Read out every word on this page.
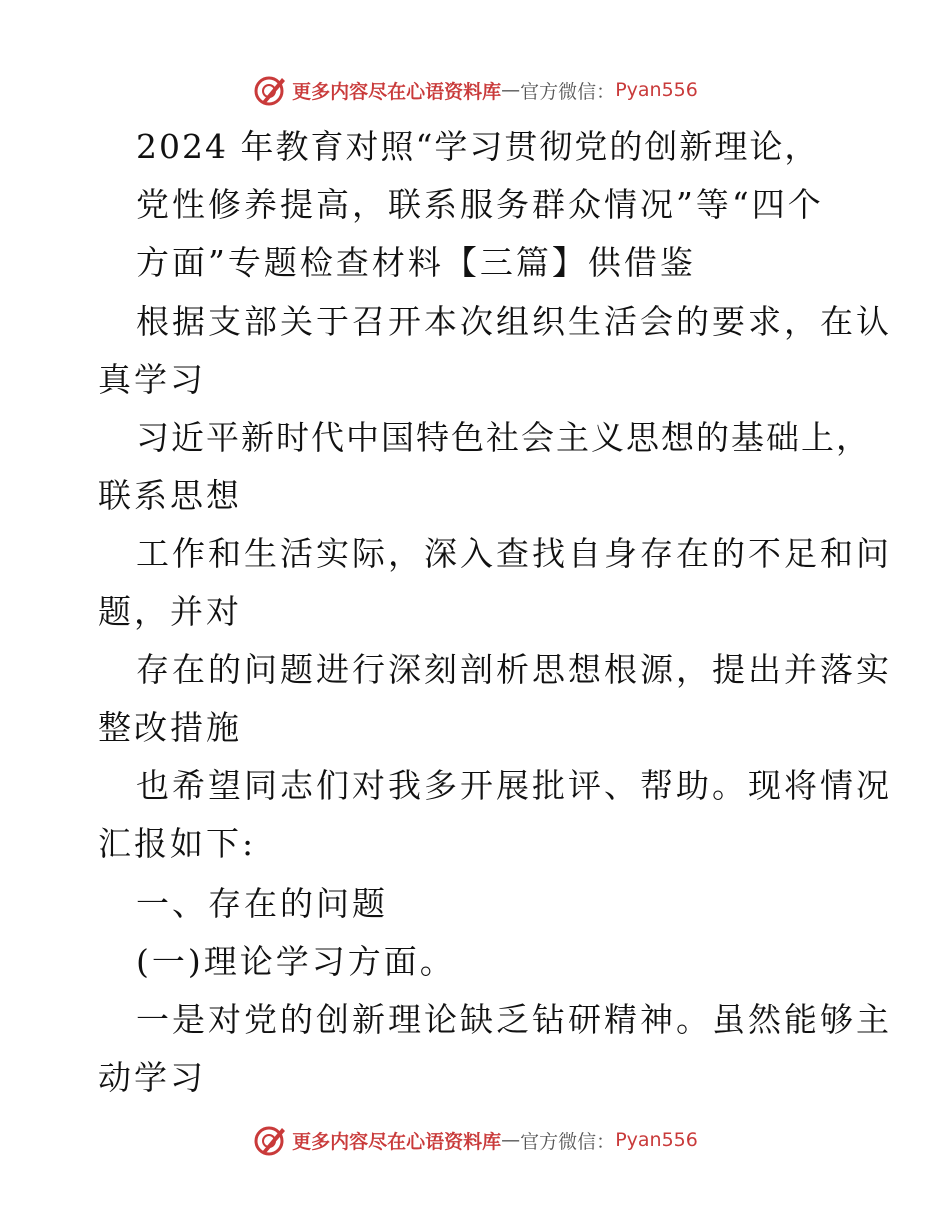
更多内容尽在心语资料库 — 官方微信： Pyan556
2024 年教育对照“学习贯彻党的创新理论，
党性修养提高，联系服务群众情况”等“四个
方面”专题检查材料【三篇】供借鉴
根据支部关于召开本次组织生活会的要求，在认
真学习
习近平新时代中国特色社会主义思想的基础上，
联系思想
工作和生活实际，深入查找自身存在的不足和问
题，并对
存在的问题进行深刻剖析思想根源，提出并落实
整改措施
也希望同志们对我多开展批评、帮助。现将情况
汇报如下:
一、存在的问题
(一)理论学习方面。
一是对党的创新理论缺乏钻研精神。虽然能够主
动学习
更多内容尽在心语资料库 — 官方微信： Pyan556
